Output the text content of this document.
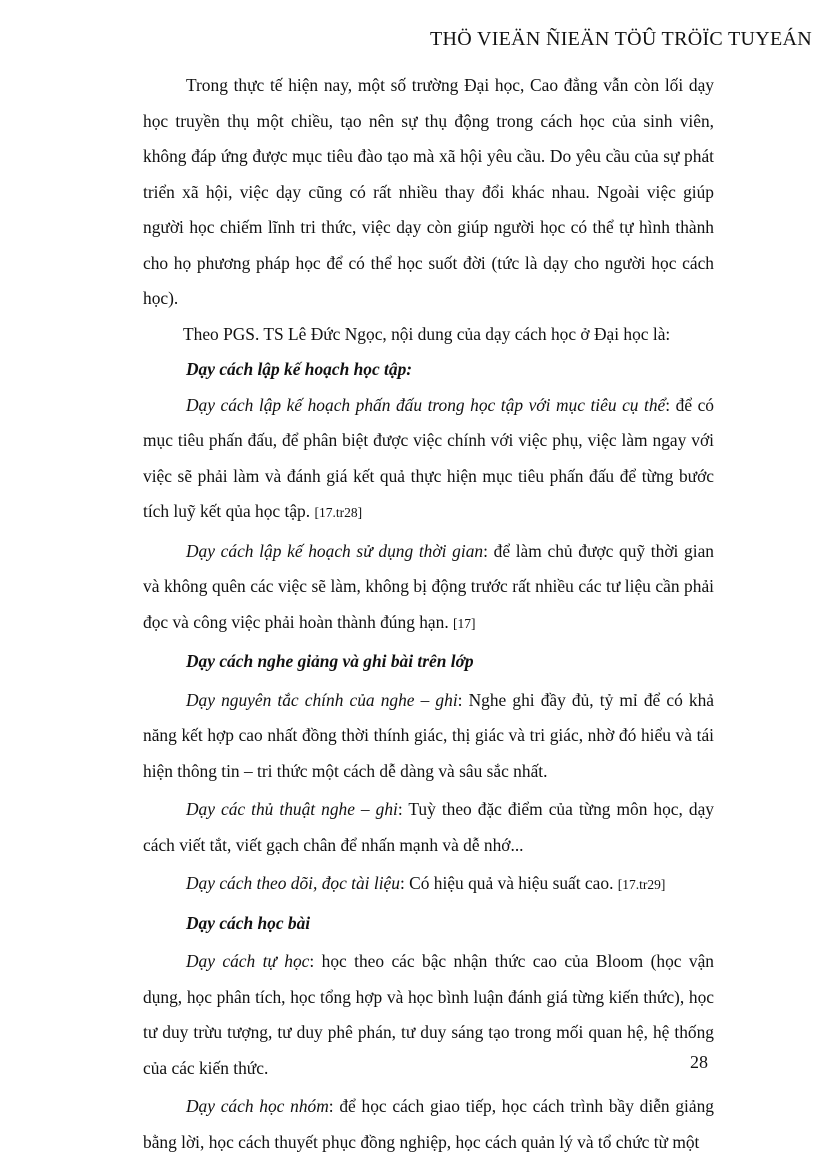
THÖ VIEÄN ÑIEÄN TÖÛ TRÖÏC TUYEÁN

Trong thực tế hiện nay, một số trường Đại học, Cao đẳng vẫn còn lối dạy học truyền thụ một chiều, tạo nên sự thụ động trong cách học của sinh viên, không đáp ứng được mục tiêu đào tạo mà xã hội yêu cầu. Do yêu cầu của sự phát triển xã hội, việc dạy cũng có rất nhiều thay đổi khác nhau. Ngoài việc giúp người học chiếm lĩnh tri thức, việc dạy còn giúp người học có thể tự hình thành cho họ phương pháp học để có thể học suốt đời (tức là dạy cho người học cách học).

Theo PGS. TS Lê Đức Ngọc, nội dung của dạy cách học ở Đại học là:

Dạy cách lập kế hoạch học tập:

Dạy cách lập kế hoạch phấn đấu trong học tập với mục tiêu cụ thể: để có mục tiêu phấn đấu, để phân biệt được việc chính với việc phụ, việc làm ngay với việc sẽ phải làm và đánh giá kết quả thực hiện mục tiêu phấn đấu để từng bước tích luỹ kết qủa học tập. [17.tr28]

Dạy cách lập kế hoạch sử dụng thời gian: để làm chủ được quỹ thời gian và không quên các việc sẽ làm, không bị động trước rất nhiều các tư liệu cần phải đọc và công việc phải hoàn thành đúng hạn. [17]

Dạy cách nghe giảng và ghi bài trên lớp

Dạy nguyên tắc chính của nghe – ghi: Nghe ghi đầy đủ, tỷ mỉ để có khả năng kết hợp cao nhất đồng thời thính giác, thị giác và tri giác, nhờ đó hiểu và tái hiện thông tin – tri thức một cách dễ dàng và sâu sắc nhất.

Dạy các thủ thuật nghe – ghi: Tuỳ theo đặc điểm của từng môn học, dạy cách viết tắt, viết gạch chân để nhấn mạnh và dễ nhớ...

Dạy cách theo dõi, đọc tài liệu: Có hiệu quả và hiệu suất cao. [17.tr29]

Dạy cách học bài

Dạy cách tự học: học theo các bậc nhận thức cao của Bloom (học vận dụng, học phân tích, học tổng hợp và học bình luận đánh giá từng kiến thức), học tư duy trừu tượng, tư duy phê phán, tư duy sáng tạo trong mối quan hệ, hệ thống của các kiến thức.

Dạy cách học nhóm: để học cách giao tiếp, học cách trình bầy diễn giảng bằng lời, học cách thuyết phục đồng nghiệp, học cách quản lý và tổ chức từ một

28
